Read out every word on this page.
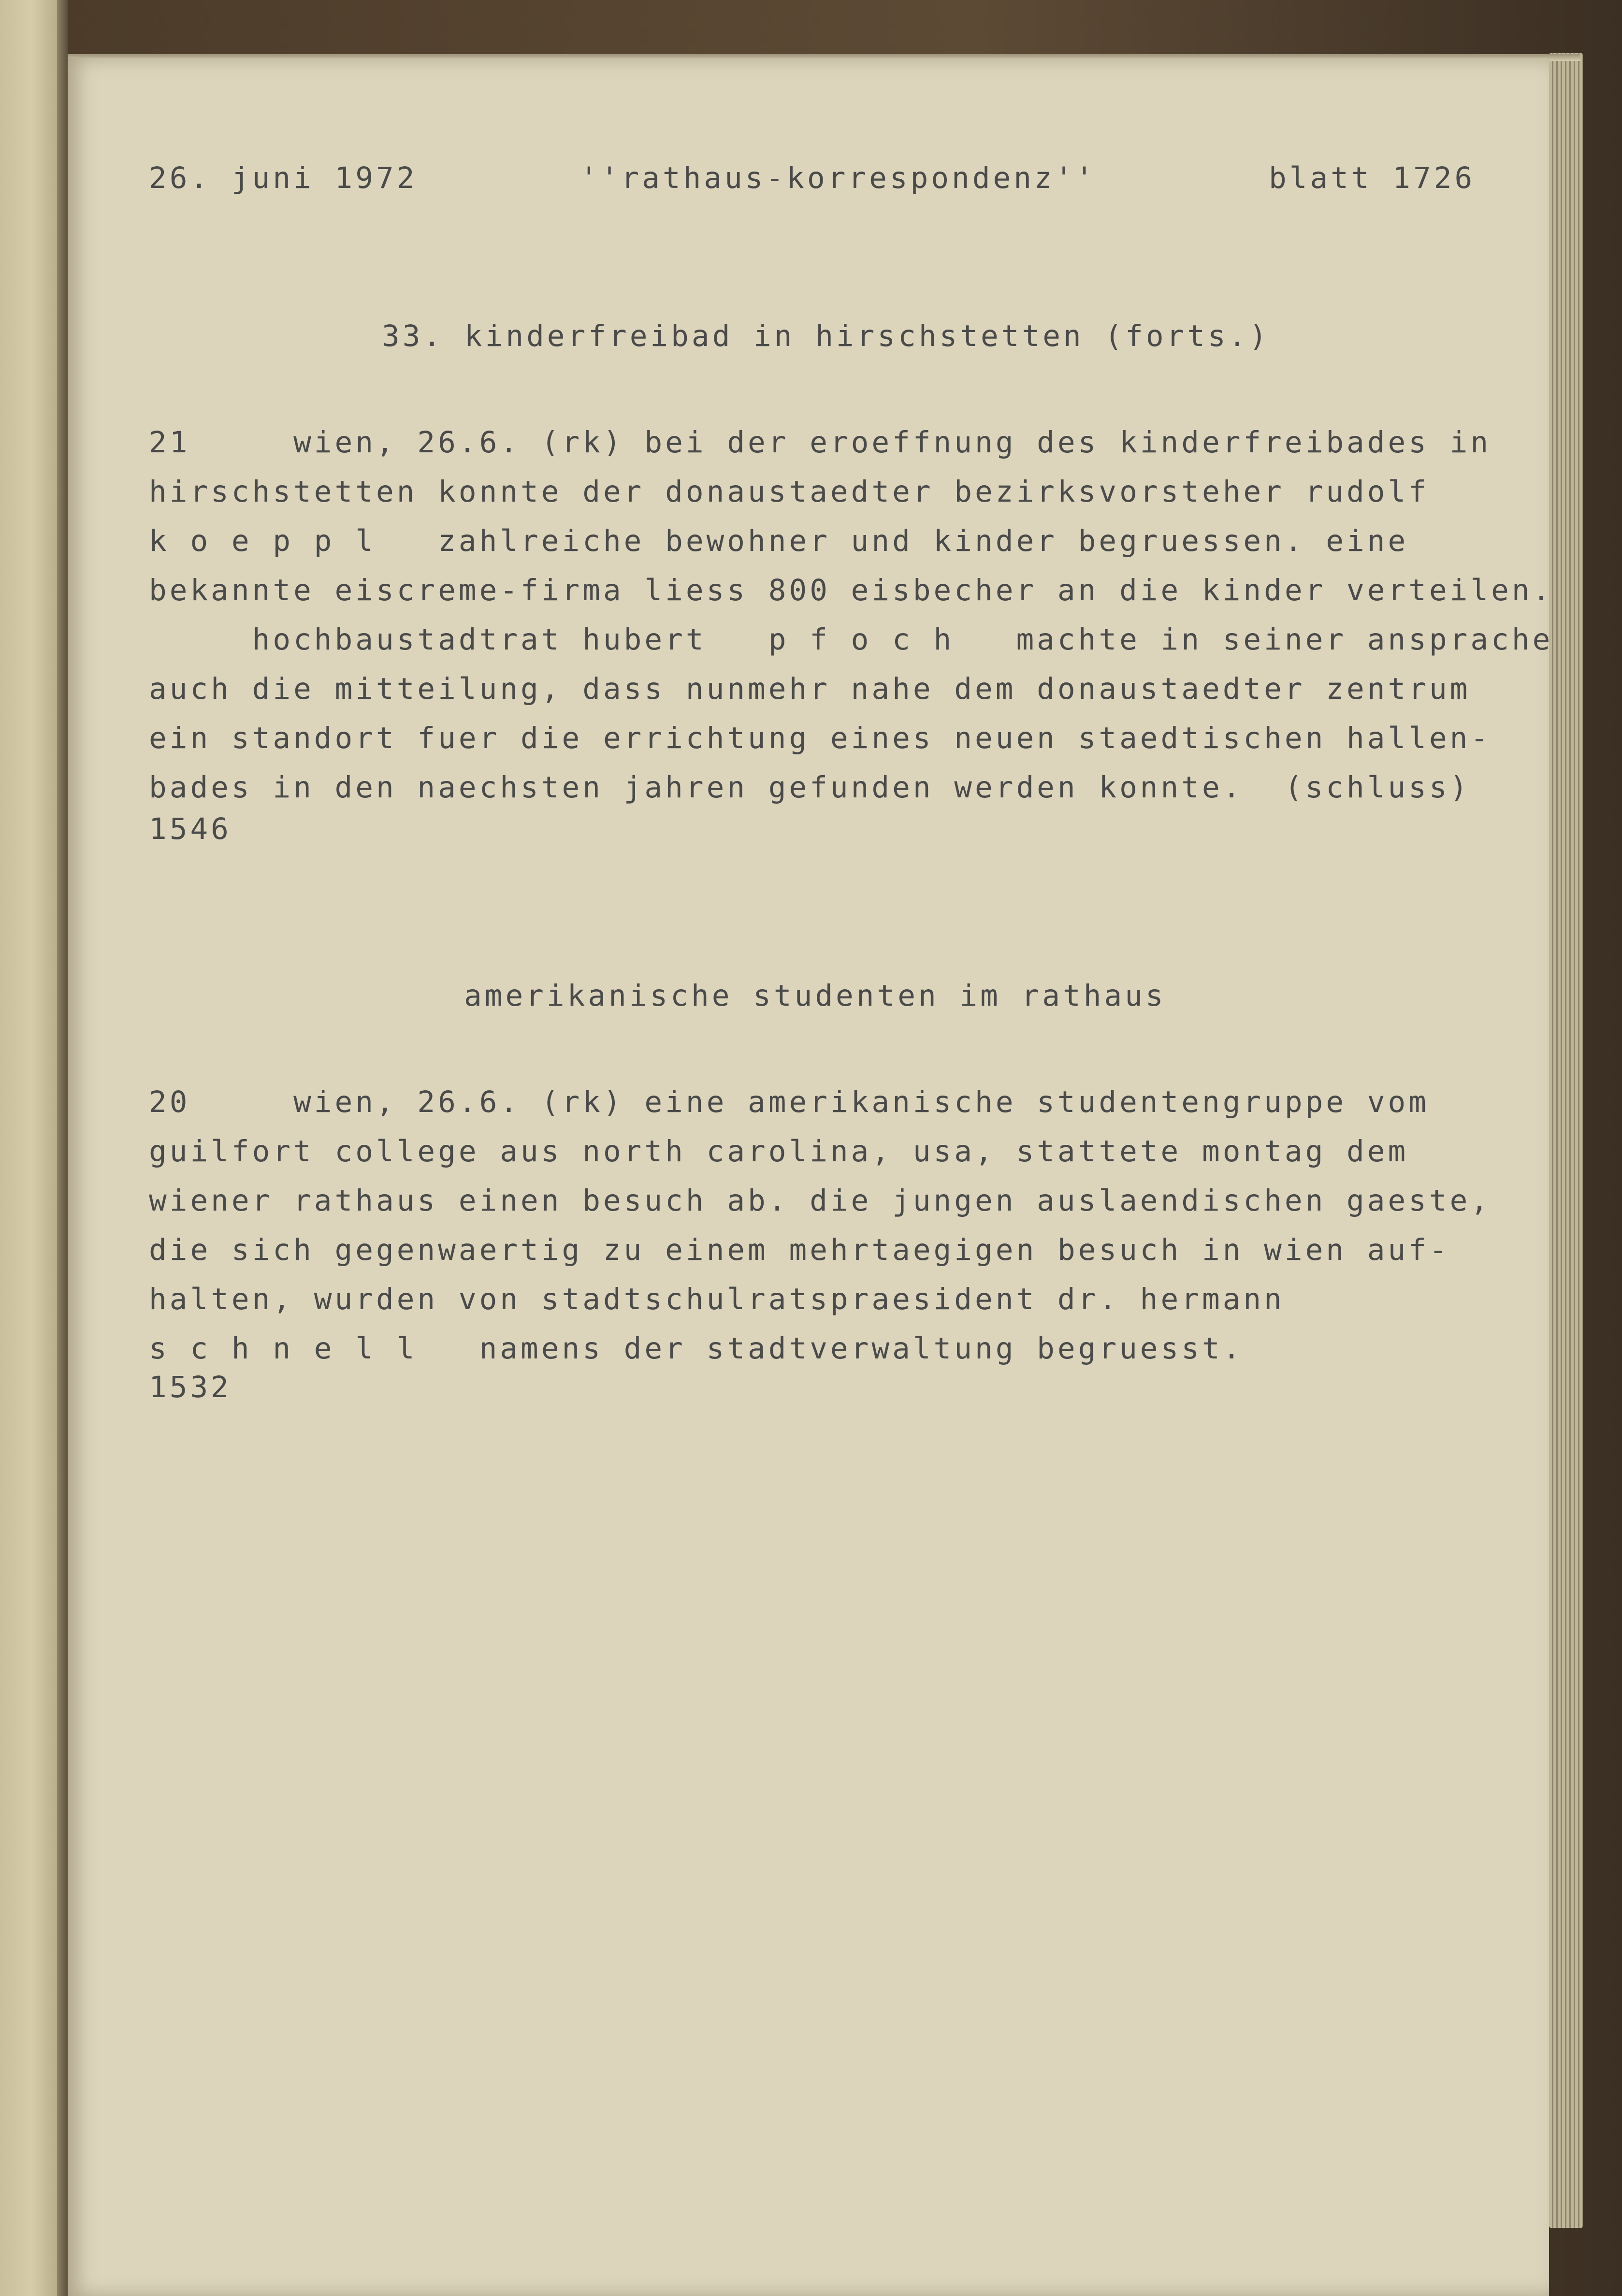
26. juni 1972	''rathaus-korrespondenz''	blatt 1726
33. kinderfreibad in hirschstetten (forts.)
21     wien, 26.6. (rk) bei der eroeffnung des kinderfreibades in
hirschstetten konnte der donaustaedter bezirksvorsteher rudolf
k o e p p l   zahlreiche bewohner und kinder begruessen. eine
bekannte eiscreme-firma liess 800 eisbecher an die kinder verteilen.
hochbaustadtrat hubert   p f o c h   machte in seiner ansprache
auch die mitteilung, dass nunmehr nahe dem donaustaedter zentrum
ein standort fuer die errichtung eines neuen staedtischen hallen-
bades in den naechsten jahren gefunden werden konnte.  (schluss)
1546
amerikanische studenten im rathaus
20     wien, 26.6. (rk) eine amerikanische studentengruppe vom
guilfort college aus north carolina, usa, stattete montag dem
wiener rathaus einen besuch ab. die jungen auslaendischen gaeste,
die sich gegenwaertig zu einem mehrtaegigen besuch in wien auf-
halten, wurden von stadtschulratspraesident dr. hermann
s c h n e l l   namens der stadtverwaltung begruesst.
1532
